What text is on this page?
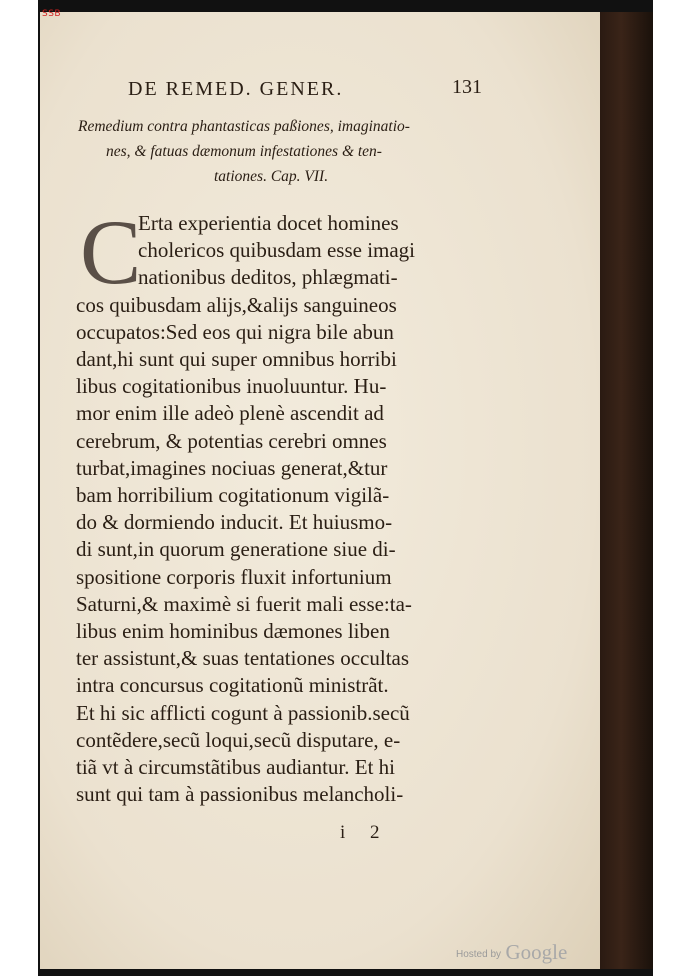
SSB
DE REMED. GENER.	131
Remedium contra phantasticas paßiones, imaginatio-
nes, & fatuas dæmonum infestationes & ten-
tationes. Cap. VII.
C
Erta experientia docet homines
cholericos quibusdam esse imagi
nationibus deditos, phlægmati-
cos quibusdam alijs,&alijs sanguineos
occupatos:Sed eos qui nigra bile abun
dant,hi sunt qui super omnibus horribi
libus cogitationibus inuoluuntur. Hu-
mor enim ille adeò plenè ascendit ad
cerebrum, & potentias cerebri omnes
turbat,imagines nociuas generat,&tur
bam horribilium cogitationum vigilã-
do & dormiendo inducit. Et huiusmo-
di sunt,in quorum generatione siue di-
spositione corporis fluxit infortunium
Saturni,& maximè si fuerit mali esse:ta-
libus enim hominibus dæmones liben
ter assistunt,& suas tentationes occultas
intra concursus cogitationũ ministrãt.
Et hi sic afflicti cogunt à passionib.secũ
contẽdere,secũ loqui,secũ disputare, e-
tiã vt à circumstãtibus audiantur. Et hi
sunt qui tam à passionibus melancholi-
i 2
Hosted by Google
